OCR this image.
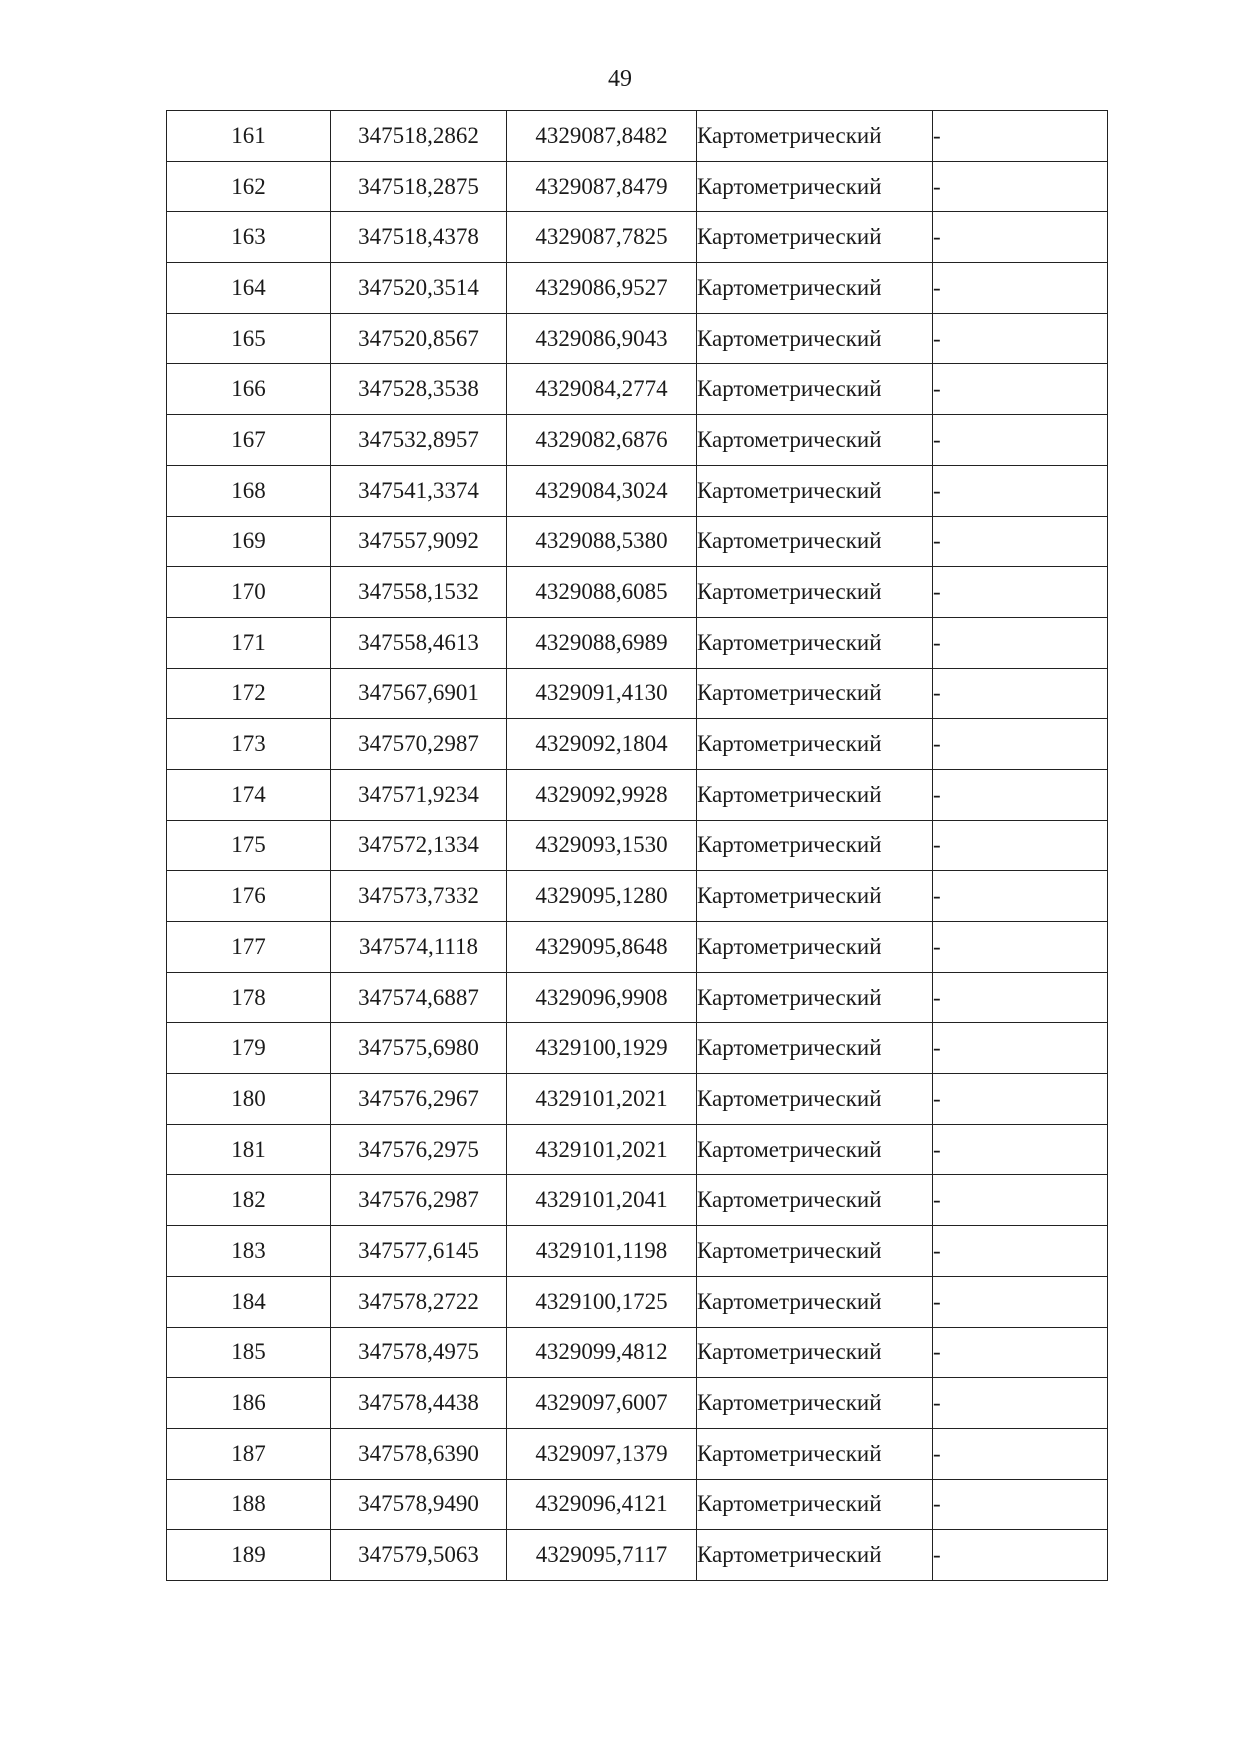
49
161	347518,2862	4329087,8482	Картометрический	-
162	347518,2875	4329087,8479	Картометрический	-
163	347518,4378	4329087,7825	Картометрический	-
164	347520,3514	4329086,9527	Картометрический	-
165	347520,8567	4329086,9043	Картометрический	-
166	347528,3538	4329084,2774	Картометрический	-
167	347532,8957	4329082,6876	Картометрический	-
168	347541,3374	4329084,3024	Картометрический	-
169	347557,9092	4329088,5380	Картометрический	-
170	347558,1532	4329088,6085	Картометрический	-
171	347558,4613	4329088,6989	Картометрический	-
172	347567,6901	4329091,4130	Картометрический	-
173	347570,2987	4329092,1804	Картометрический	-
174	347571,9234	4329092,9928	Картометрический	-
175	347572,1334	4329093,1530	Картометрический	-
176	347573,7332	4329095,1280	Картометрический	-
177	347574,1118	4329095,8648	Картометрический	-
178	347574,6887	4329096,9908	Картометрический	-
179	347575,6980	4329100,1929	Картометрический	-
180	347576,2967	4329101,2021	Картометрический	-
181	347576,2975	4329101,2021	Картометрический	-
182	347576,2987	4329101,2041	Картометрический	-
183	347577,6145	4329101,1198	Картометрический	-
184	347578,2722	4329100,1725	Картометрический	-
185	347578,4975	4329099,4812	Картометрический	-
186	347578,4438	4329097,6007	Картометрический	-
187	347578,6390	4329097,1379	Картометрический	-
188	347578,9490	4329096,4121	Картометрический	-
189	347579,5063	4329095,7117	Картометрический	-
